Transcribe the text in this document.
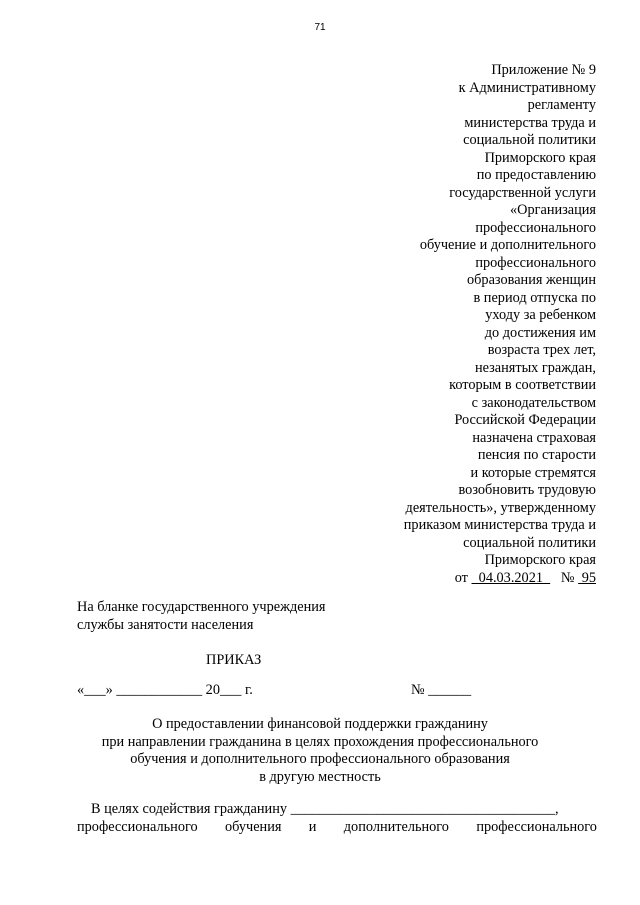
71
Приложение № 9
к Административному
регламенту
министерства труда и
социальной политики
Приморского края
по предоставлению
государственной услуги
«Организация
профессионального
обучение и дополнительного
профессионального
образования женщин
в период отпуска по
уходу за ребенком
до достижения им
возраста трех лет,
незанятых граждан,
которым в соответствии
с законодательством
Российской Федерации
назначена страховая
пенсия по старости
и которые стремятся
возобновить трудовую
деятельность», утвержденному
приказом министерства труда и
социальной политики
Приморского края
от   04.03.2021     №  95
На бланке государственного учреждения
службы занятости населения
ПРИКАЗ
«___» ____________ 20___ г.	№ ______
О предоставлении финансовой поддержки гражданину
при направлении гражданина в целях прохождения профессионального
обучения и дополнительного профессионального образования
в другую местность
В целях содействия гражданину _____________________________________,
профессионального обучения и дополнительного профессионального
